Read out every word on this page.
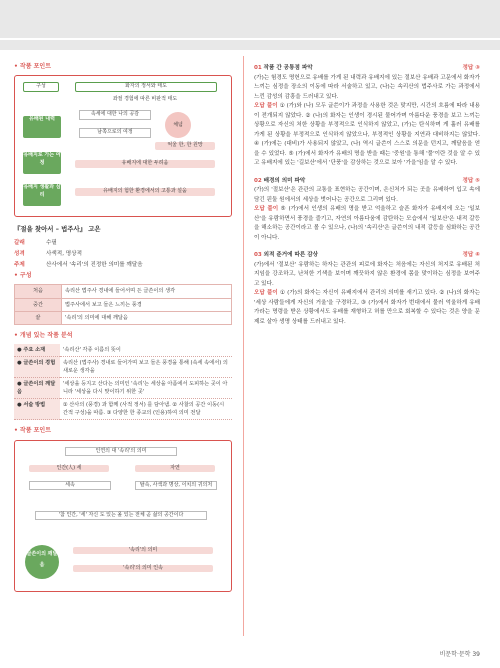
• 작품 포인트
구성	화자의 정서와 태도
좌절 경험에 따른 비판적 태도
유배된 내력
유배지로 가는 여정
유배지 생활과 심리
속세에 대한 나의 공감
남쪽으로의 여정
체념
억울 한, 한 원망
유배지에 대한 두려움
유배지의 험한 환경에서의 고통과 설움
『절을 찾아서 – 법주사』 고은
갈래	수필
성격	사색적, 명상적
주제	산사에서 '속리'의 진정한 의미를 깨달음
• 구성
처음	속리산 법주사 경내에 들어서며 든 글쓴이의 생각
중간	법주사에서 보고 들은 느끼는 풍경
끝	'속리'의 의미에 대해 깨달음
• 개념 있는 작품 분석
● 주요 소재	'속리산' 각종 이름의 뜻이
● 글쓴이의 경험	속리산 (법주사) 경내로 들어가며 보고 들은 풍경을 통해 (속세 속에서) 의 새로운 생각을
● 글쓴이의 깨달음	'세상을 등지고 산다는 의미인 '속리'는 세상을 아픔에서 도피하는 곳이 아니라 '세상을 다시 맞이하기 위한 곳'
● 서술 방법	① 산사의 (풍경) 과 함께 (사적 정서) 를 담아냄. ② 사찰의 공간 이동(시간적 구성)을 따름. ③ 다양한 한 종교의 (인용)하여 의미 전달
• 작품 포인트
인연의 대 '속리'의 의미
인간(人) 세	자연
세속	탈속, 사색과 명상, 이치의 귀의처
'참 인간, '세' 자신 도 있는 올 있는 전체 곧 삶의 공간이다
글쓴이의 깨달음
'속리'의 의미
'속리'의 의미 인속
01 작품 간 공통점 파악	정답 ③
(가)는 험경도 명헌으로 유배를 가게 된 내력과 유배지에 있는 절보산 유배과 고문에서 화자가 느끼는 심정을 장소의 이동에 따라 서술하고 있고, (나)는 속리산의 법주사로 가는 과정에서 느낀 감성의 감흥을 드러내고 있다.
오답 풀이 ① (가)와 (나) 모두 글쓴이가 과정을 사용한 것은 맞지만, 시간의 흐름에 따라 내용이 전개되지 않았다. ② (나)의 화자는 인생이 경시된 물어가며 아름다운 풍경을 보고 느끼는 상황으로 자신의 처한 상황을 부정적으로 인식하지 않았고, (가)는 탄식하며 게 흘러 유배를 가게 된 상황을 부정적으로 인식하지 않았으나, 부정적인 상황을 지연과 대비하지는 않았다. ④ (가)에는 (대비)가 사용되지 않았고, (나) 역시 글쓴이 스스로 의문을 던지고, 깨달음을 얻을 수 있었다. ⑤ (가)에서 화자가 유배의 명을 받을 때는 '중원'을 통해 '풀'이란 것을 알 수 있고 유배지에 있는 '길보산'에서 '단풍'을 감상하는 것으로 보아 '가을'임을 알 수 있다.
02 배경의 의미 파악	정답 ⑤
(가)의 '절보산'은 관관의 교통을 표현하는 공간이며, 은신처가 되는 곳을 유배하여 입고 속에 담긴 핀둘 원에서의 세상을 벗어나는 공간으로 그리며 있다.
오답 풀이 ⑤ (가)에서 인생의 유배의 명을 받고 억울하고 슬픈 화자가 유배지에 오는 '일보산'을 유람하면서 풍경을 즐기고, 자연의 아름다움에 감탄하는 모습에서 '일보산'은 내적 갈등을 해소하는 공간이라고 볼 수 있으나, (나)의 '속리산'은 글쓴이의 내적 갈등을 심화하는 공간이 아니다.
03 외적 준거에 따른 감상	정답 ④
(가)에서 '절보산' 유람하는 하자는 관관의 피로에 화자는 처음에는 자신의 처지로 유배된 처지임을 강조하고, 난처한 기색을 보이며 깨끗하지 않은 환경에 몸을 맞이하는 심정을 보여주고 있다.
오답 풀이 ① (가)의 화자는 자신이 유배지에서 관리의 의미를 새기고 있다. ② (나)의 화자는 '세상 사람들에게 자신의 거울'을 구경하고, ③ (가)에서 화자가 번대에서 물러 억울하게 유배 가라는 명령을 받은 상황에서도 유배를 재형하고 허를 만으로 회복할 수 있다는 것은 양을 문제로 살아 생명 상태를 드러내고 있다.
비문학·문학 39
